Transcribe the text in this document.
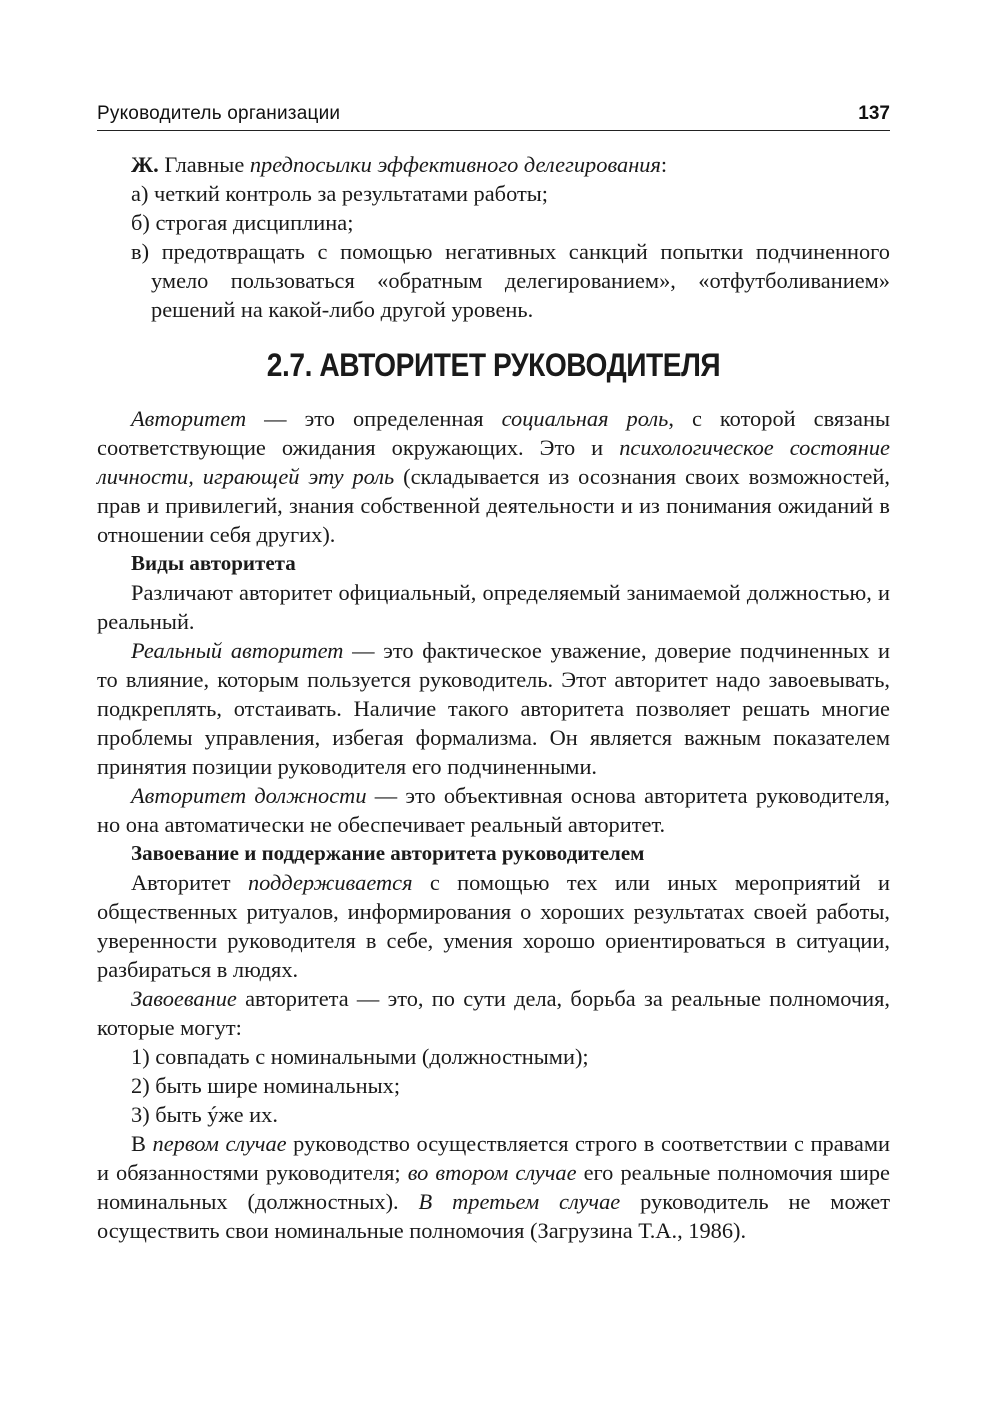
Руководитель организации	137

Ж. Главные предпосылки эффективного делегирования:

а) четкий контроль за результатами работы;
б) строгая дисциплина;
в) предотвращать с помощью негативных санкций попытки подчиненного умело пользоваться «обратным делегированием», «отфутболиванием» решений на какой-либо другой уровень.
2.7. АВТОРИТЕТ РУКОВОДИТЕЛЯ

Авторитет — это определенная социальная роль, с которой связаны соответствующие ожидания окружающих. Это и психологическое состояние личности, играющей эту роль (складывается из осознания своих возможностей, прав и привилегий, знания собственной деятельности и из понимания ожиданий в отношении себя других).

Виды авторитета

Различают авторитет официальный, определяемый занимаемой должностью, и реальный.

Реальный авторитет — это фактическое уважение, доверие подчиненных и то влияние, которым пользуется руководитель. Этот авторитет надо завоевывать, подкреплять, отстаивать. Наличие такого авторитета позволяет решать многие проблемы управления, избегая формализма. Он является важным показателем принятия позиции руководителя его подчиненными.

Авторитет должности — это объективная основа авторитета руководителя, но она автоматически не обеспечивает реальный авторитет.

Завоевание и поддержание авторитета руководителем

Авторитет поддерживается с помощью тех или иных мероприятий и общественных ритуалов, информирования о хороших результатах своей работы, уверенности руководителя в себе, умения хорошо ориентироваться в ситуации, разбираться в людях.

Завоевание авторитета — это, по сути дела, борьба за реальные полномочия, которые могут:

1) совпадать с номинальными (должностными);
2) быть шире номинальных;
3) быть ýже их.

В первом случае руководство осуществляется строго в соответствии с правами и обязанностями руководителя; во втором случае его реальные полномочия шире номинальных (должностных). В третьем случае руководитель не может осуществить свои номинальные полномочия (Загрузина Т.А., 1986).
